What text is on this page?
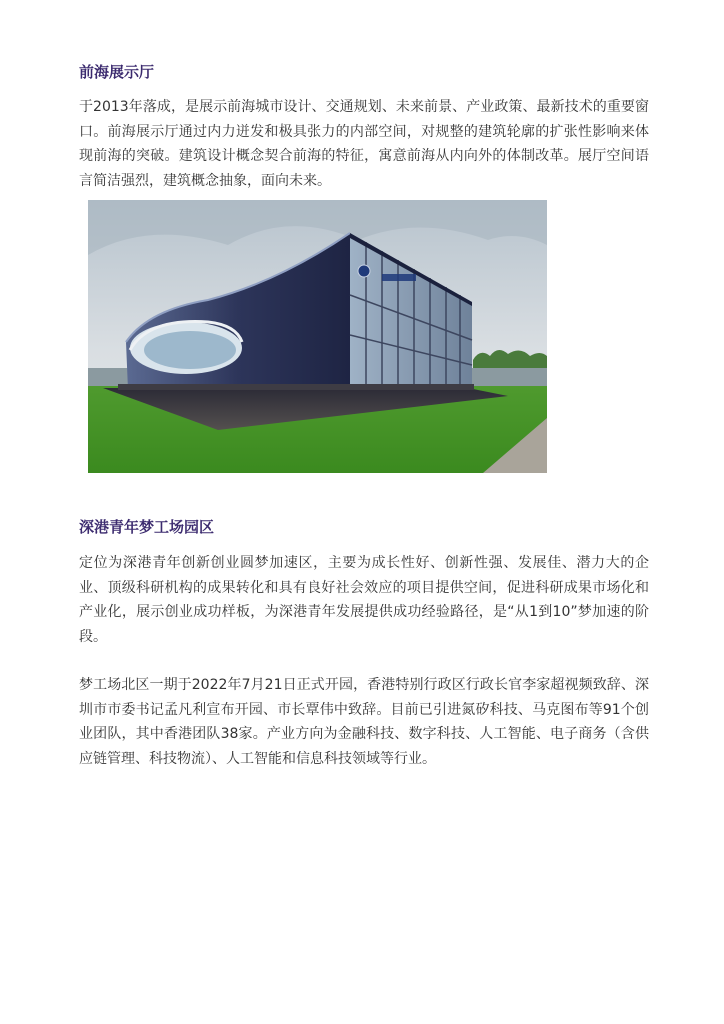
前海展示厅

于2013年落成，是展示前海城市设计、交通规划、未来前景、产业政策、最新技术的重要窗口。前海展示厅通过内力迸发和极具张力的内部空间，对规整的建筑轮廓的扩张性影响来体现前海的突破。建筑设计概念契合前海的特征，寓意前海从内向外的体制改革。展厅空间语言简洁强烈，建筑概念抽象，面向未来。

深港青年梦工场园区

定位为深港青年创新创业圆梦加速区，主要为成长性好、创新性强、发展佳、潜力大的企业、顶级科研机构的成果转化和具有良好社会效应的项目提供空间，促进科研成果市场化和产业化，展示创业成功样板，为深港青年发展提供成功经验路径，是“从1到10”梦加速的阶段。

梦工场北区一期于2022年7月21日正式开园，香港特别行政区行政长官李家超视频致辞、深圳市市委书记孟凡利宣布开园、市长覃伟中致辞。目前已引进氮矽科技、马克图布等91个创业团队，其中香港团队38家。产业方向为金融科技、数字科技、人工智能、电子商务（含供应链管理、科技物流）、人工智能和信息科技领域等行业。
